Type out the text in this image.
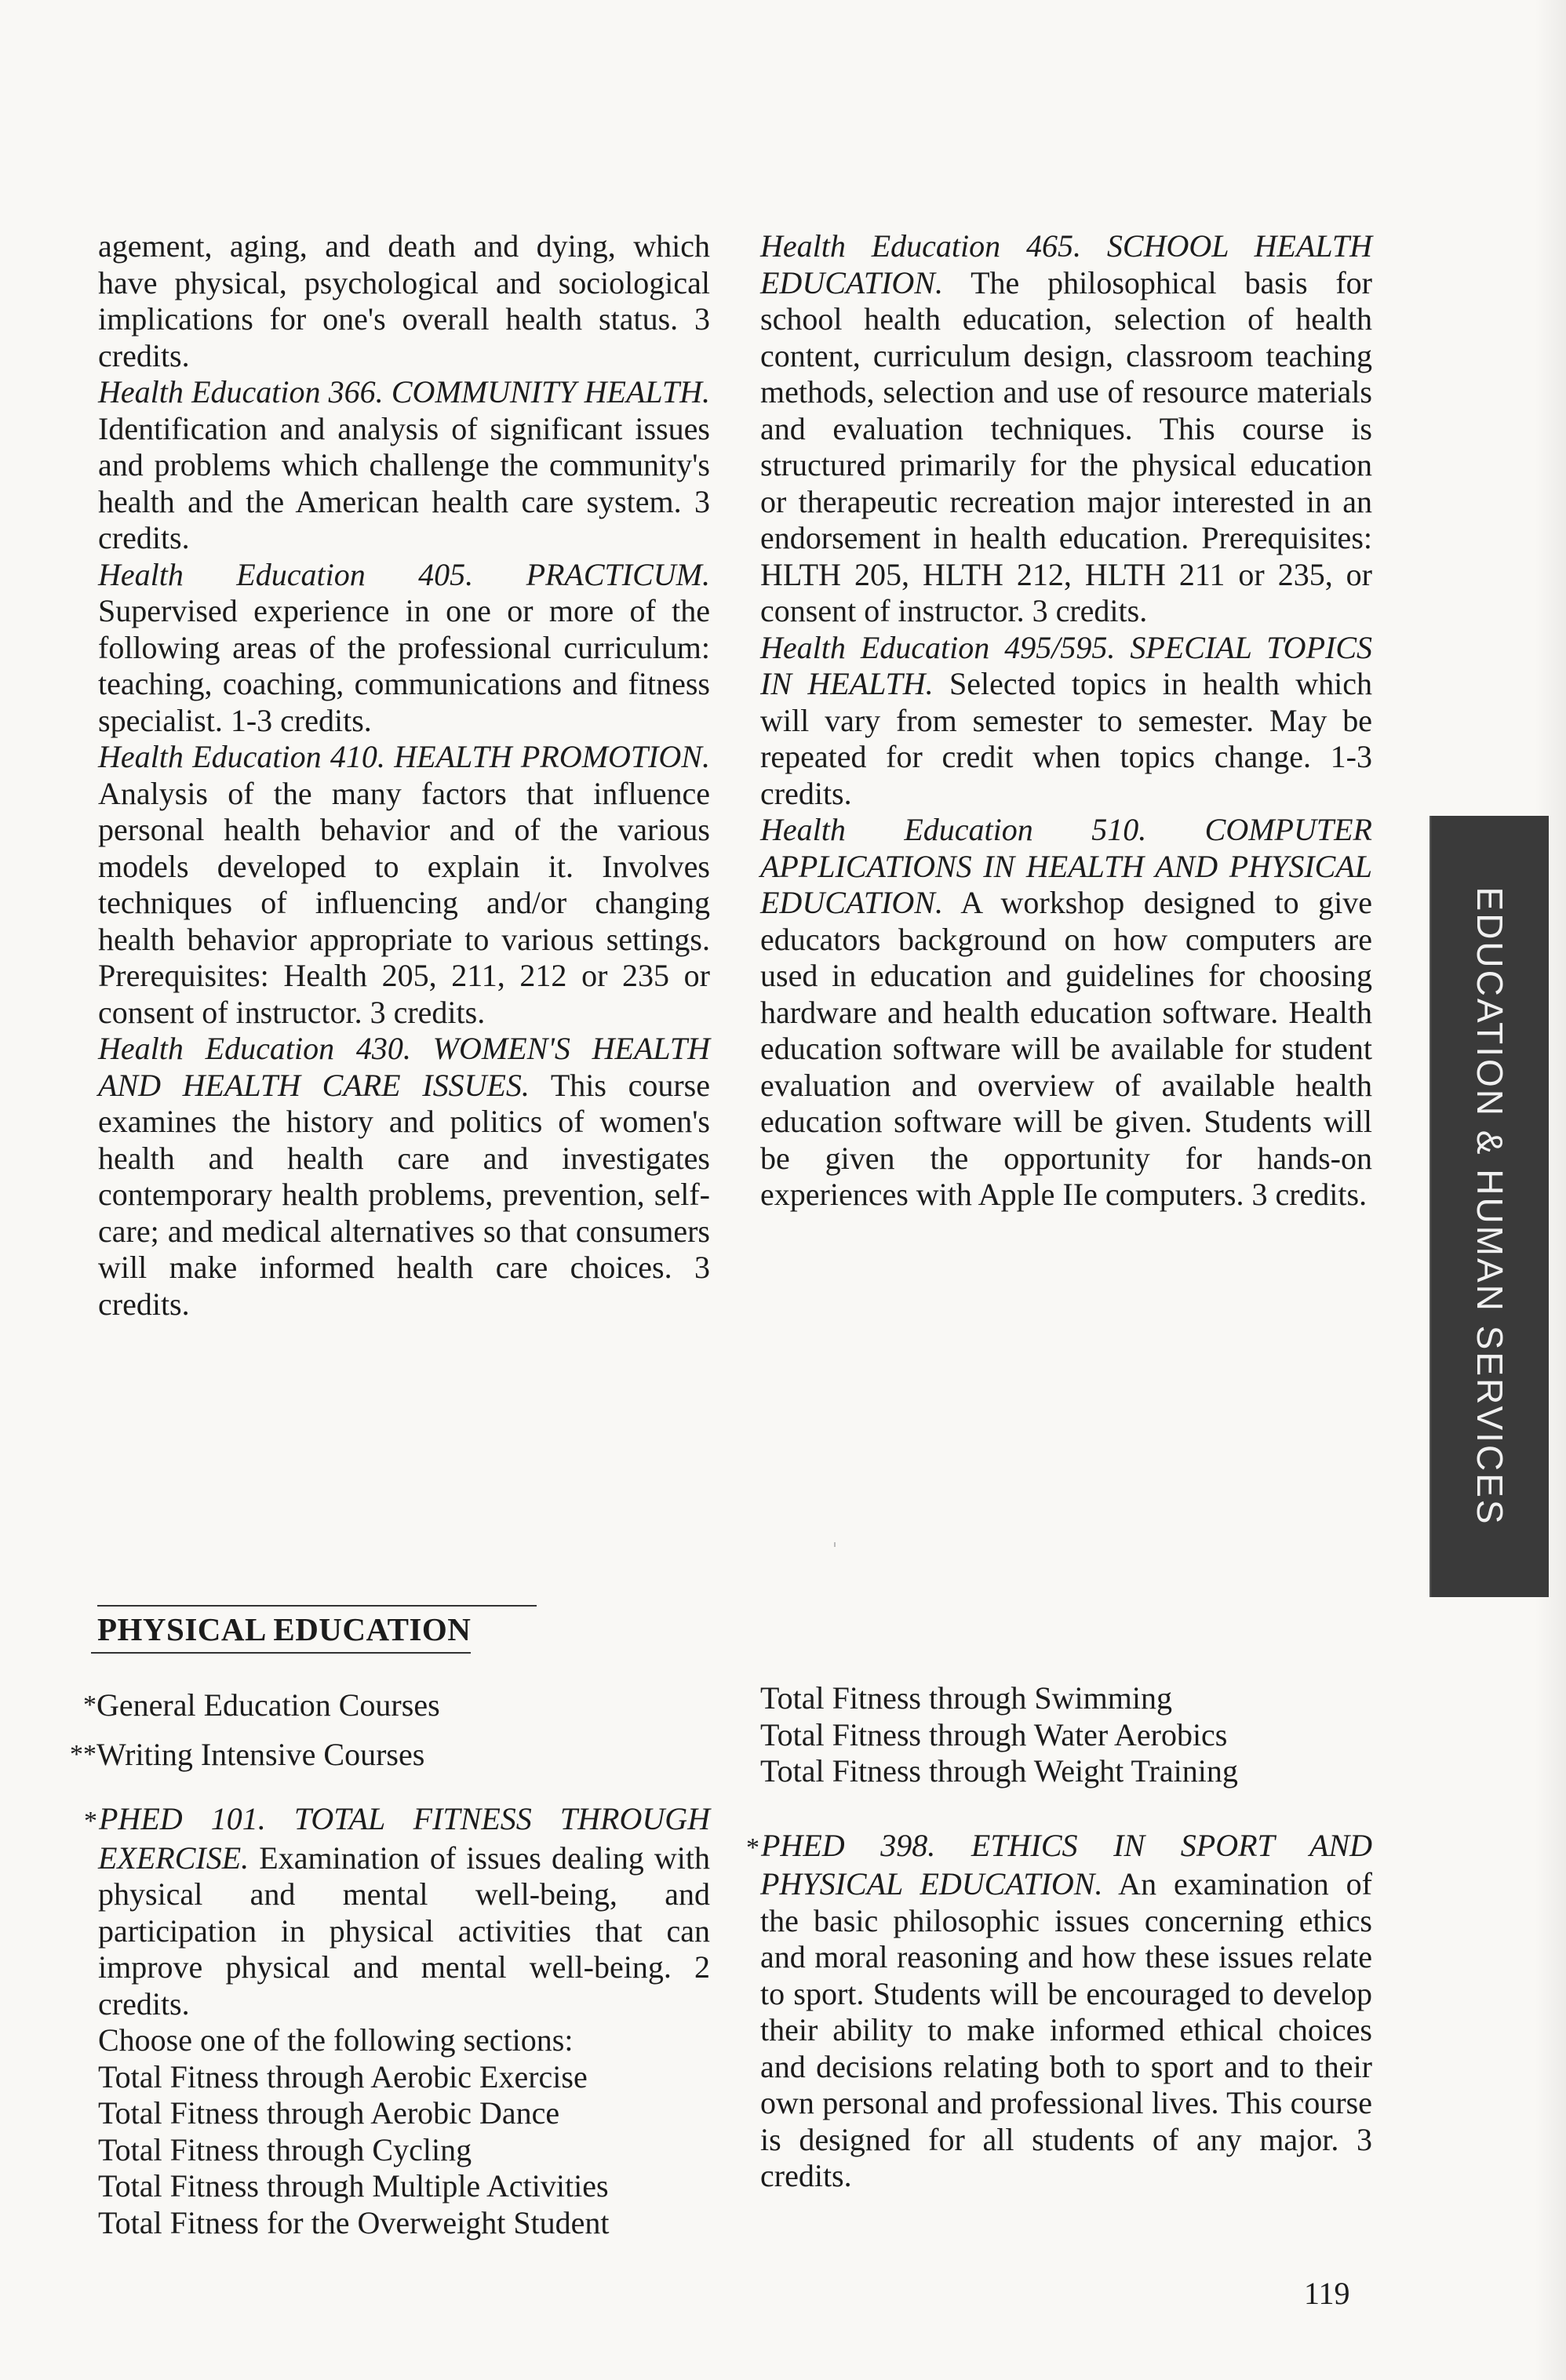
agement, aging, and death and dying, which have physical, psychological and sociological implications for one's overall health status. 3 credits.

Health Education 366. COMMUNITY HEALTH. Identification and analysis of significant issues and problems which challenge the community's health and the American health care system. 3 credits.

Health Education 405. PRACTICUM. Supervised experience in one or more of the following areas of the professional curriculum: teaching, coaching, communications and fitness specialist. 1-3 credits.

Health Education 410. HEALTH PROMOTION. Analysis of the many factors that influence personal health behavior and of the various models developed to explain it. Involves techniques of influencing and/or changing health behavior appropriate to various settings. Prerequisites: Health 205, 211, 212 or 235 or consent of instructor. 3 credits.

Health Education 430. WOMEN'S HEALTH AND HEALTH CARE ISSUES. This course examines the history and politics of women's health and health care and investigates contemporary health problems, prevention, self-care; and medical alternatives so that consumers will make informed health care choices. 3 credits.

Health Education 465. SCHOOL HEALTH EDUCATION. The philosophical basis for school health education, selection of health content, curriculum design, classroom teaching methods, selection and use of resource materials and evaluation techniques. This course is structured primarily for the physical education or therapeutic recreation major interested in an endorsement in health education. Prerequisites: HLTH 205, HLTH 212, HLTH 211 or 235, or consent of instructor. 3 credits.

Health Education 495/595. SPECIAL TOPICS IN HEALTH. Selected topics in health which will vary from semester to semester. May be repeated for credit when topics change. 1-3 credits.

Health Education 510. COMPUTER APPLICATIONS IN HEALTH AND PHYSICAL EDUCATION. A workshop designed to give educators background on how computers are used in education and guidelines for choosing hardware and health education software. Health education software will be available for student evaluation and overview of available health education software will be given. Students will be given the opportunity for hands-on experiences with Apple IIe computers. 3 credits.

PHYSICAL EDUCATION
*General Education Courses
**Writing Intensive Courses

*PHED 101. TOTAL FITNESS THROUGH EXERCISE. Examination of issues dealing with physical and mental well-being, and participation in physical activities that can improve physical and mental well-being. 2 credits.

Choose one of the following sections:

Total Fitness through Aerobic Exercise

Total Fitness through Aerobic Dance

Total Fitness through Cycling

Total Fitness through Multiple Activities

Total Fitness for the Overweight Student

Total Fitness through Swimming

Total Fitness through Water Aerobics

Total Fitness through Weight Training

*PHED 398. ETHICS IN SPORT AND PHYSICAL EDUCATION. An examination of the basic philosophic issues concerning ethics and moral reasoning and how these issues relate to sport. Students will be encouraged to develop their ability to make informed ethical choices and decisions relating both to sport and to their own personal and professional lives. This course is designed for all students of any major. 3 credits.

EDUCATION & HUMAN SERVICES
119
